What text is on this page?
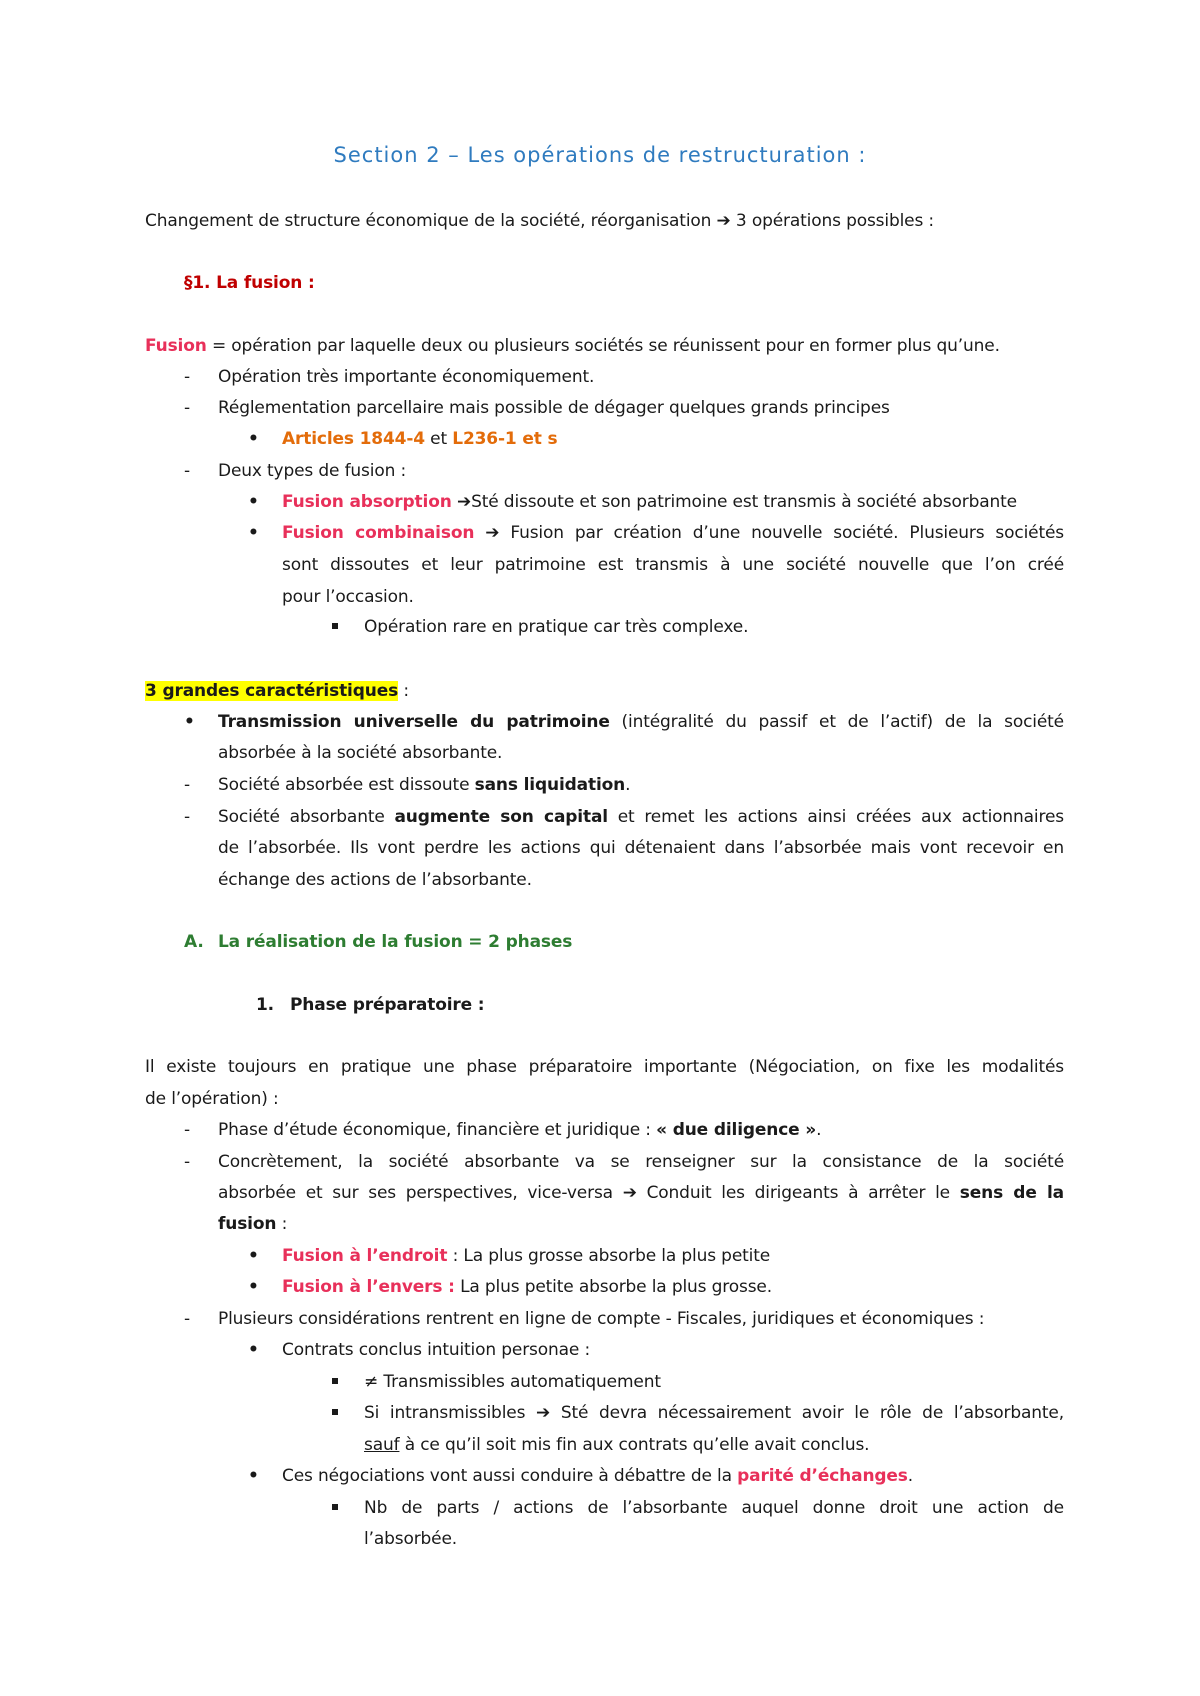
Section 2 – Les opérations de restructuration :
Changement de structure économique de la société, réorganisation ➔ 3 opérations possibles :
§1. La fusion :
Fusion = opération par laquelle deux ou plusieurs sociétés se réunissent pour en former plus qu’une.
- Opération très importante économiquement.
- Réglementation parcellaire mais possible de dégager quelques grands principes
• Articles 1844-4 et L236-1 et s
- Deux types de fusion :
• Fusion absorption ➔Sté dissoute et son patrimoine est transmis à société absorbante
• Fusion combinaison ➔ Fusion par création d’une nouvelle société. Plusieurs sociétés
sont dissoutes et leur patrimoine est transmis à une société nouvelle que l’on créé
pour l’occasion.
Opération rare en pratique car très complexe.
3 grandes caractéristiques :
• Transmission universelle du patrimoine (intégralité du passif et de l’actif) de la société
absorbée à la société absorbante.
- Société absorbée est dissoute sans liquidation.
- Société absorbante augmente son capital et remet les actions ainsi créées aux actionnaires
de l’absorbée. Ils vont perdre les actions qui détenaient dans l’absorbée mais vont recevoir en
échange des actions de l’absorbante.
A. La réalisation de la fusion = 2 phases
1. Phase préparatoire :
Il existe toujours en pratique une phase préparatoire importante (Négociation, on fixe les modalités
de l’opération) :
- Phase d’étude économique, financière et juridique : « due diligence ».
- Concrètement, la société absorbante va se renseigner sur la consistance de la société
absorbée et sur ses perspectives, vice-versa ➔ Conduit les dirigeants à arrêter le sens de la
fusion :
• Fusion à l’endroit : La plus grosse absorbe la plus petite
• Fusion à l’envers : La plus petite absorbe la plus grosse.
- Plusieurs considérations rentrent en ligne de compte - Fiscales, juridiques et économiques :
• Contrats conclus intuition personae :
≠ Transmissibles automatiquement
Si intransmissibles ➔ Sté devra nécessairement avoir le rôle de l’absorbante,
sauf à ce qu’il soit mis fin aux contrats qu’elle avait conclus.
• Ces négociations vont aussi conduire à débattre de la parité d’échanges.
Nb de parts / actions de l’absorbante auquel donne droit une action de
l’absorbée.
